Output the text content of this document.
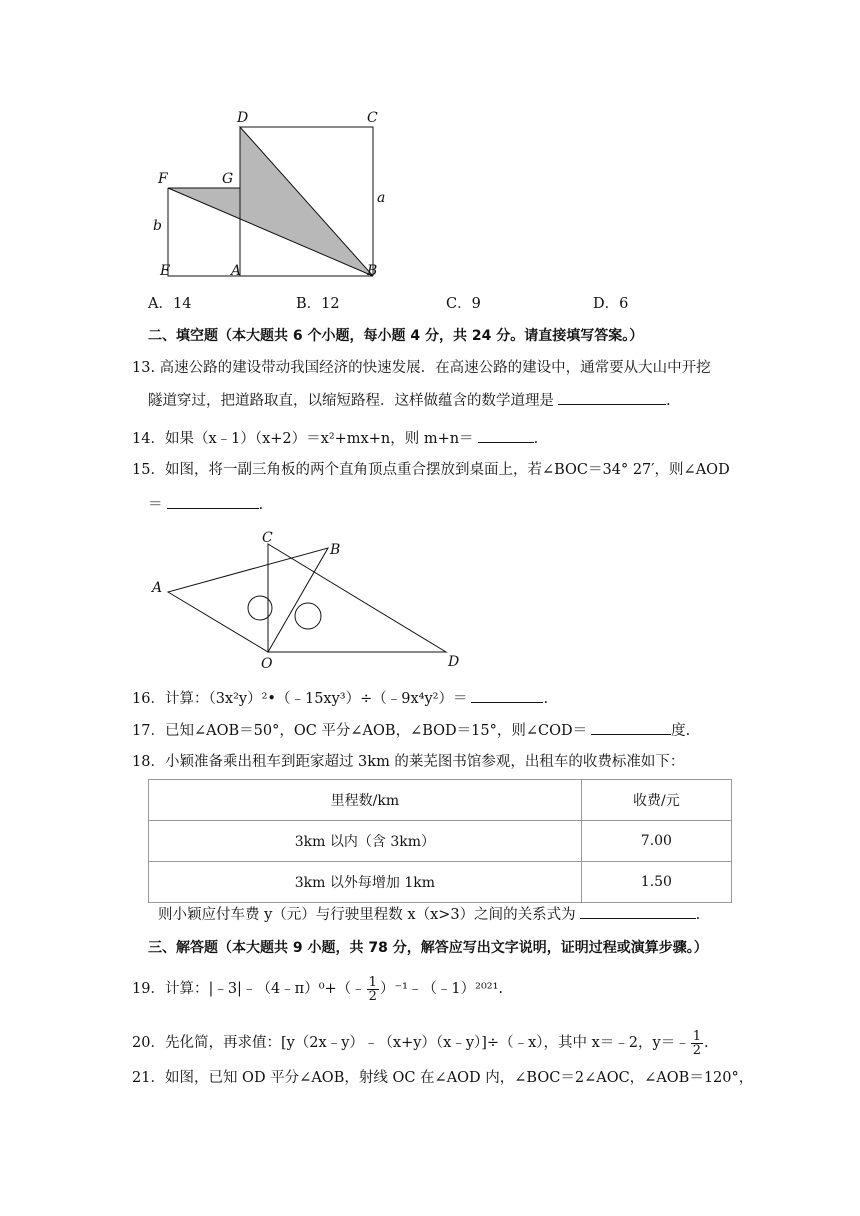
D	C
F	G
a
b
E	A	B
A．14	B．12	C．9	D．6
二、填空题（本大题共 6 个小题，每小题 4 分，共 24 分。请直接填写答案。）
13. 高速公路的建设带动我国经济的快速发展．在高速公路的建设中，通常要从大山中开挖
隧道穿过，把道路取直，以缩短路程．这样做蕴含的数学道理是	.
14．如果（x﹣1）（x+2）＝x²+mx+n，则 m+n＝	.
15．如图，将一副三角板的两个直角顶点重合摆放到桌面上，若∠BOC＝34° 27′，则∠AOD
＝	.
C
B
A
O	D
16．计算：（3x²y）²•（﹣15xy³）÷（﹣9x⁴y²）＝	.
17．已知∠AOB＝50°，OC 平分∠AOB，∠BOD＝15°，则∠COD＝	度.
18．小颖准备乘出租车到距家超过 3km 的莱芜图书馆参观，出租车的收费标准如下：
里程数/km	收费/元
3km 以内（含 3km）	7.00
3km 以外每增加 1km	1.50
则小颖应付车费 y（元）与行驶里程数 x（x>3）之间的关系式为	.
三、解答题（本大题共 9 小题，共 78 分，解答应写出文字说明，证明过程或演算步骤。）
19．计算：|﹣3|﹣（4﹣π）⁰+（﹣ $\frac{1}{2}$ ）⁻¹﹣（﹣1）²⁰²¹.
20．先化简，再求值：[y（2x﹣y）﹣（x+y）（x﹣y）]÷（﹣x），其中 x＝﹣2，y＝﹣ $\frac{1}{2}$ .
21．如图，已知 OD 平分∠AOB，射线 OC 在∠AOD 内，∠BOC＝2∠AOC，∠AOB＝120°，
